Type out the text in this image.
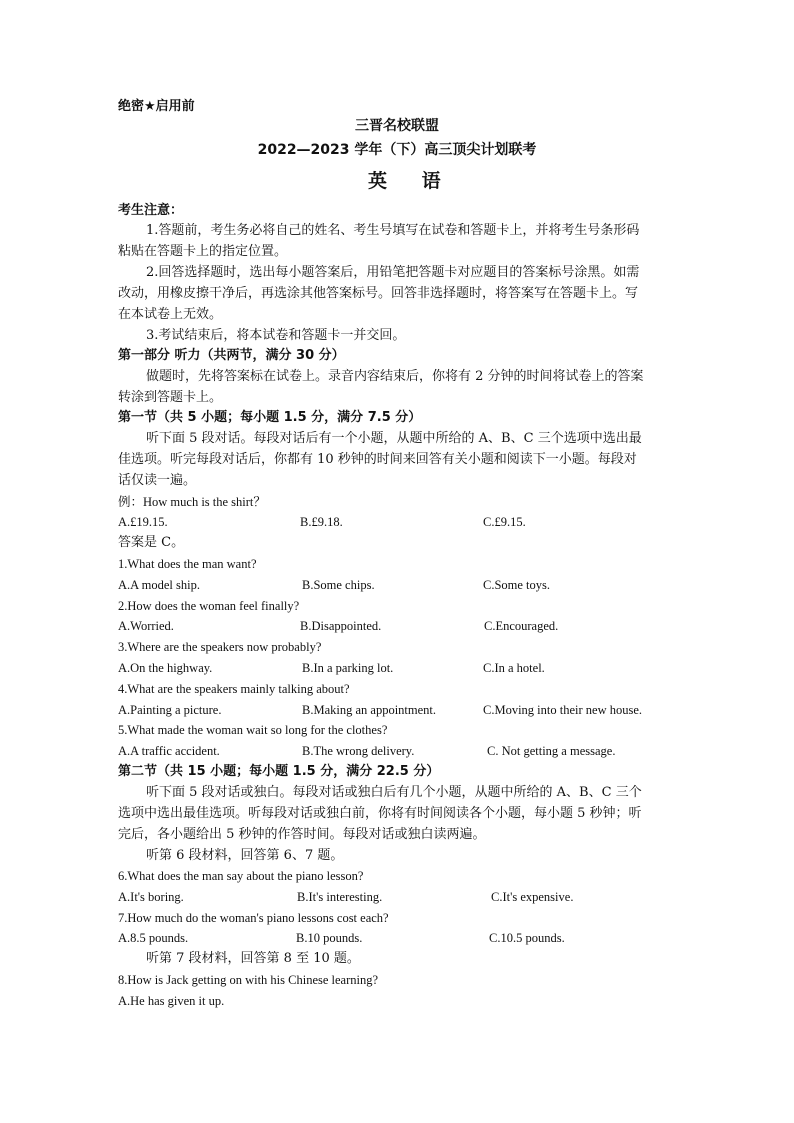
绝密★启用前
三晋名校联盟
2022—2023 学年（下）高三顶尖计划联考
英 语
考生注意：
1.答题前，考生务必将自己的姓名、考生号填写在试卷和答题卡上，并将考生号条形码
粘贴在答题卡上的指定位置。
2.回答选择题时，选出每小题答案后，用铅笔把答题卡对应题目的答案标号涂黑。如需
改动，用橡皮擦干净后，再选涂其他答案标号。回答非选择题时，将答案写在答题卡上。写
在本试卷上无效。
3.考试结束后，将本试卷和答题卡一并交回。
第一部分 听力（共两节，满分 30 分）
做题时，先将答案标在试卷上。录音内容结束后，你将有 2 分钟的时间将试卷上的答案
转涂到答题卡上。
第一节（共 5 小题；每小题 1.5 分，满分 7.5 分）
听下面 5 段对话。每段对话后有一个小题，从题中所给的 A、B、C 三个选项中选出最
佳选项。听完每段对话后，你都有 10 秒钟的时间来回答有关小题和阅读下一小题。每段对
话仅读一遍。
例：How much is the shirt？
A.£19.15.	B.£9.18.	C.£9.15.
答案是 C。
1.What does the man want?
A.A model ship.	B.Some chips.	C.Some toys.
2.How does the woman feel finally?
A.Worried.	B.Disappointed.	C.Encouraged.
3.Where are the speakers now probably?
A.On the highway.	B.In a parking lot.	C.In a hotel.
4.What are the speakers mainly talking about?
A.Painting a picture.	B.Making an appointment.	C.Moving into their new house.
5.What made the woman wait so long for the clothes?
A.A traffic accident.	B.The wrong delivery.	C. Not getting a message.
第二节（共 15 小题；每小题 1.5 分，满分 22.5 分）
听下面 5 段对话或独白。每段对话或独白后有几个小题，从题中所给的 A、B、C 三个
选项中选出最佳选项。听每段对话或独白前，你将有时间阅读各个小题，每小题 5 秒钟；听
完后，各小题给出 5 秒钟的作答时间。每段对话或独白读两遍。
听第 6 段材料，回答第 6、7 题。
6.What does the man say about the piano lesson?
A.It's boring.	B.It's interesting.	C.It's expensive.
7.How much do the woman's piano lessons cost each?
A.8.5 pounds.	B.10 pounds.	C.10.5 pounds.
听第 7 段材料，回答第 8 至 10 题。
8.How is Jack getting on with his Chinese learning?
A.He has given it up.
